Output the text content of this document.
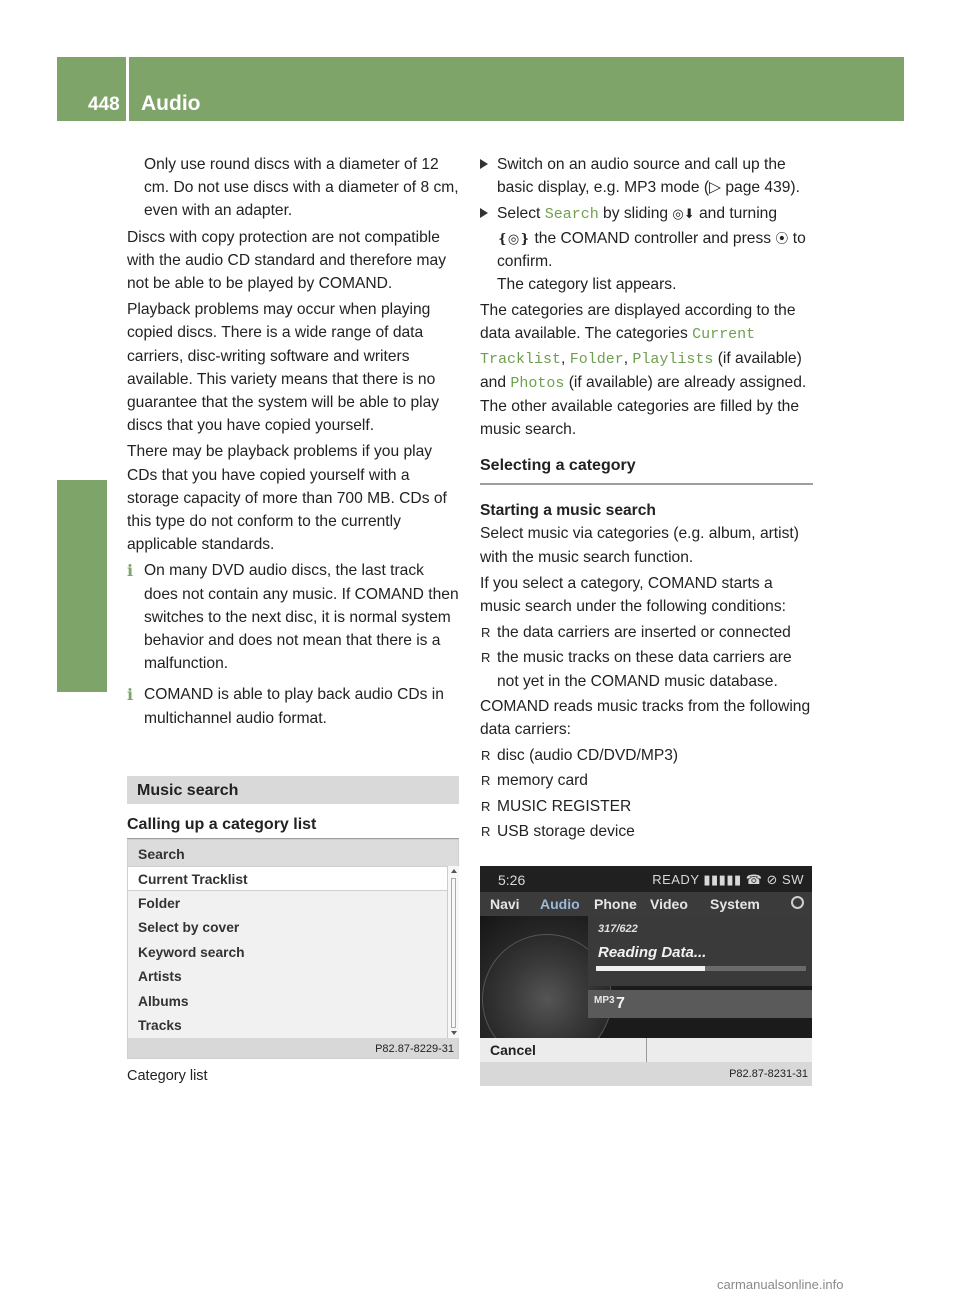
448 Audio
COMAND

Only use round discs with a diameter of 12 cm. Do not use discs with a diameter of 8 cm, even with an adapter.

Discs with copy protection are not compatible with the audio CD standard and therefore may not be able to be played by COMAND.

Playback problems may occur when playing copied discs. There is a wide range of data carriers, disc-writing software and writers available. This variety means that there is no guarantee that the system will be able to play discs that you have copied yourself.

There may be playback problems if you play CDs that you have copied yourself with a storage capacity of more than 700 MB. CDs of this type do not conform to the currently applicable standards.

i On many DVD audio discs, the last track does not contain any music. If COMAND then switches to the next disc, it is normal system behavior and does not mean that there is a malfunction.
i COMAND is able to play back audio CDs in multichannel audio format.
Music search
Calling up a category list
Search
Current Tracklist
Folder
Select by cover
Keyword search
Artists
Albums
Tracks
P82.87-8229-31
Category list
Switch on an audio source and call up the basic display, e.g. MP3 mode (▷ page 439).
Select Search by sliding ◎⬇ and turning ❴◎❵ the COMAND controller and press ⦿ to confirm.
The category list appears.

The categories are displayed according to the data available. The categories Current Tracklist, Folder, Playlists (if available) and Photos (if available) are already assigned. The other available categories are filled by the music search.

Selecting a category
Starting a music search

Select music via categories (e.g. album, artist) with the music search function.

If you select a category, COMAND starts a music search under the following conditions:

R the data carriers are inserted or connected
R the music tracks on these data carriers are not yet in the COMAND music database.

COMAND reads music tracks from the following data carriers:

R disc (audio CD/DVD/MP3)
R memory card
R MUSIC REGISTER
R USB storage device
5:26	READY ▮▮▮▮▮ ☎ ⊘ SW
Navi Audio Phone Video System
317/622
Reading Data...
MP3 7
Cancel
P82.87-8231-31
carmanualsonline.info
